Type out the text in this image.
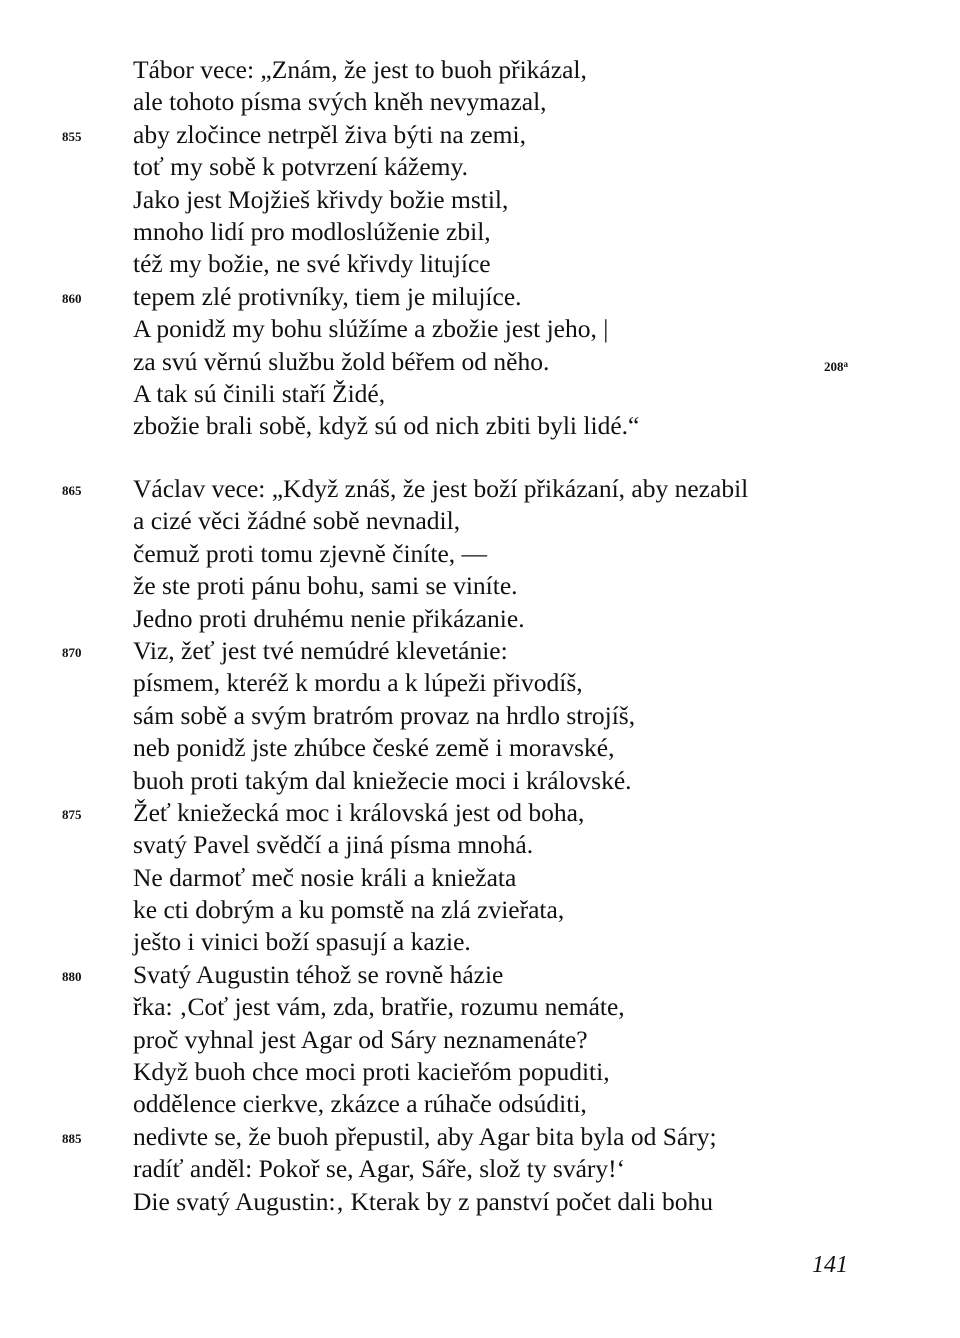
Tábor vece: „Znám, že jest to buoh přikázal,
ale tohoto písma svých kněh nevymazal,
855 aby zločince netrpěl živa býti na zemi,
toť my sobě k potvrzení kážemy.
Jako jest Mojžieš křivdy božie mstil,
mnoho lidí pro modloslúženie zbil,
též my božie, ne své křivdy litujíce
860 tepem zlé protivníky, tiem je milujíce.
A ponidž my bohu slúžíme a zbožie jest jeho, |
za svú věrnú službu žold béřem od něho.	208$^a$
A tak sú činili staří Židé,
zbožie brali sobě, když sú od nich zbiti byli lidé.“
865 Václav vece: „Když znáš, že jest boží přikázaní, aby nezabil
a cizé věci žádné sobě nevnadil,
čemuž proti tomu zjevně činíte, —
že ste proti pánu bohu, sami se viníte.
Jedno proti druhému nenie přikázanie.
870 Viz, žeť jest tvé nemúdré klevetánie:
písmem, kteréž k mordu a k lúpeži přivodíš,
sám sobě a svým bratróm provaz na hrdlo strojíš,
neb ponidž jste zhúbce české země i moravské,
buoh proti takým dal kniežecie moci i královské.
875 Žeť kniežecká moc i královská jest od boha,
svatý Pavel svědčí a jiná písma mnohá.
Ne darmoť meč nosie králi a kniežata
ke cti dobrým a ku pomstě na zlá zvieřata,
ješto i vinici boží spasují a kazie.
880 Svatý Augustin téhož se rovně házie
řka: ‚Coť jest vám, zda, bratřie, rozumu nemáte,
proč vyhnal jest Agar od Sáry neznamenáte?
Když buoh chce moci proti kacieřóm popuditi,
oddělence cierkve, zkázce a rúhače odsúditi,
885 nedivte se, že buoh přepustil, aby Agar bita byla od Sáry;
radíť anděl: Pokoř se, Agar, Sáře, slož ty sváry!‘
Die svatý Augustin:‚ Kterak by z panství počet dali bohu
141
